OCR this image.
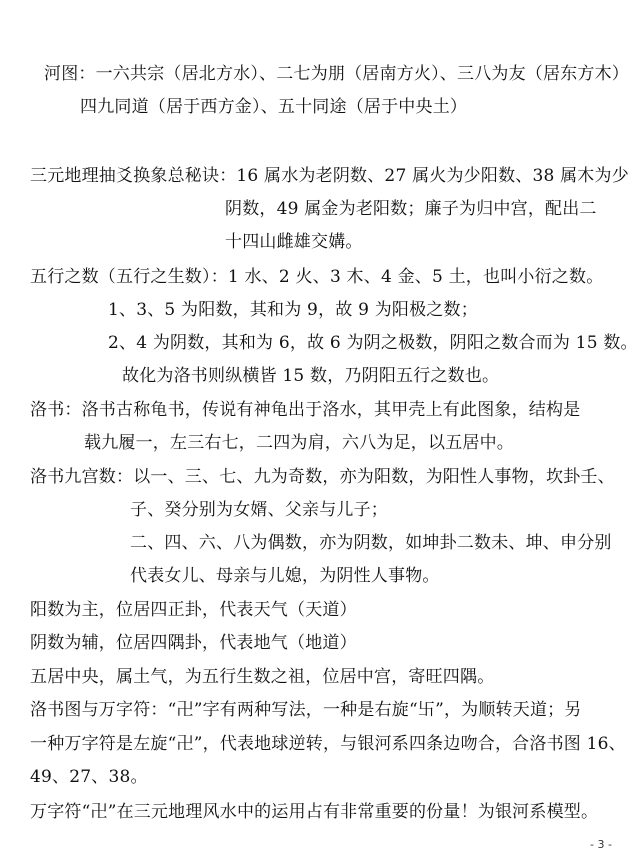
河图：一六共宗（居北方水）、二七为朋（居南方火）、三八为友（居东方木）
四九同道（居于西方金）、五十同途（居于中央土）
三元地理抽爻换象总秘诀：16 属水为老阴数、27 属火为少阳数、38 属木为少
阴数，49 属金为老阳数；廉子为归中宫，配出二
十四山雌雄交媾。
五行之数（五行之生数）：1 水、2 火、3 木、4 金、5 土，也叫小衍之数。
1、3、5 为阳数，其和为 9，故 9 为阳极之数；
2、4 为阴数，其和为 6，故 6 为阴之极数，阴阳之数合而为 15 数。
故化为洛书则纵横皆 15 数，乃阴阳五行之数也。
洛书：洛书古称龟书，传说有神龟出于洛水，其甲壳上有此图象，结构是
载九履一，左三右七，二四为肩，六八为足，以五居中。
洛书九宫数：以一、三、七、九为奇数，亦为阳数，为阳性人事物，坎卦壬、
子、癸分别为女婿、父亲与儿子；
二、四、六、八为偶数，亦为阴数，如坤卦二数未、坤、申分别
代表女儿、母亲与儿媳，为阴性人事物。
阳数为主，位居四正卦，代表天气（天道）
阴数为辅，位居四隅卦，代表地气（地道）
五居中央，属土气，为五行生数之祖，位居中宫，寄旺四隅。
洛书图与万字符：“卍”字有两种写法，一种是右旋“卐”，为顺转天道；另
一种万字符是左旋“卍”，代表地球逆转，与银河系四条边吻合，合洛书图 16、
49、27、38。
万字符“卍”在三元地理风水中的运用占有非常重要的份量！为银河系模型。
- 3 -
